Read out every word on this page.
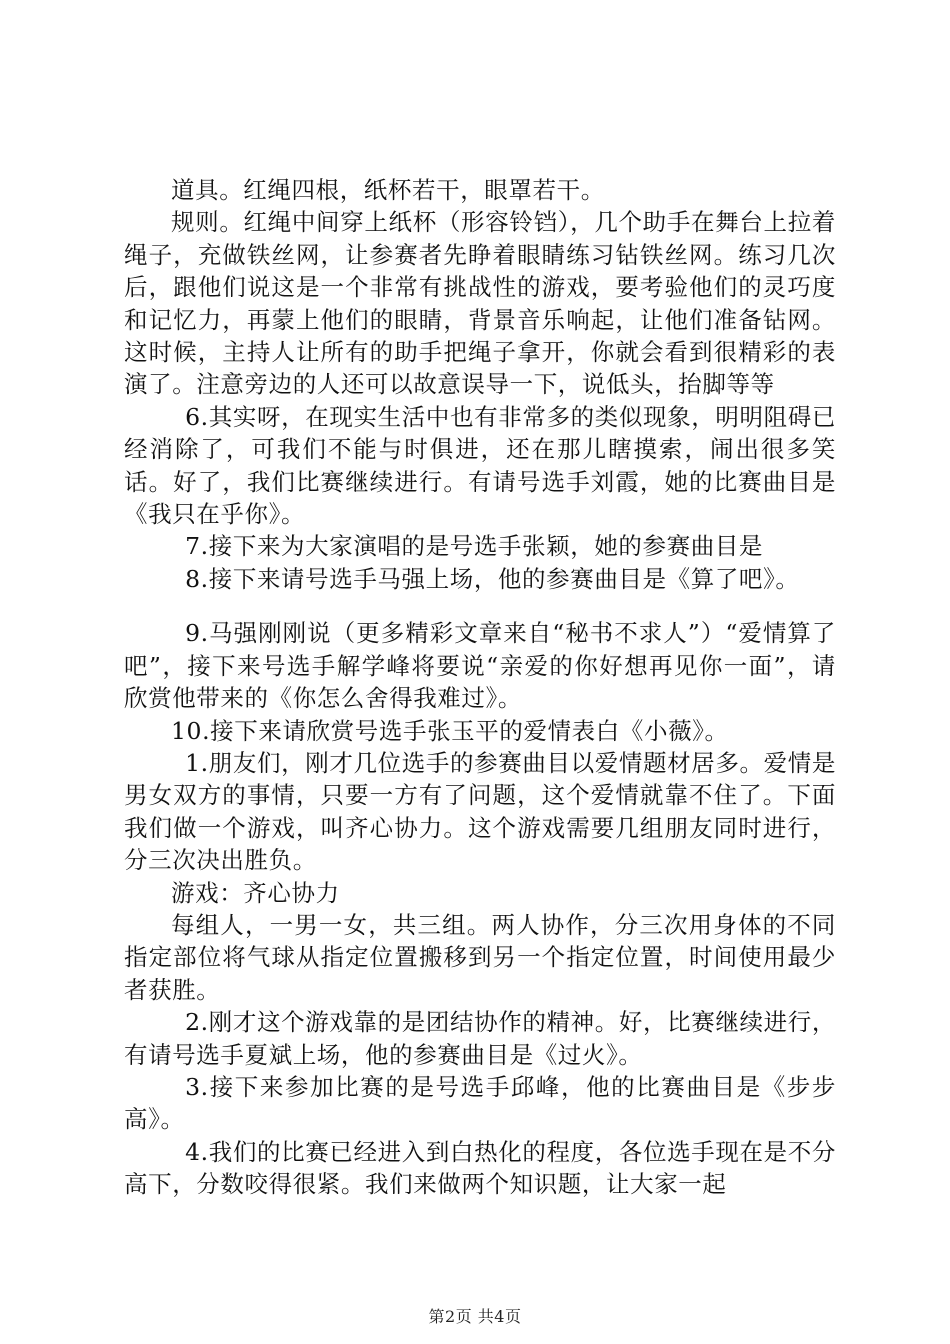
道具。红绳四根，纸杯若干，眼罩若干。

规则。红绳中间穿上纸杯（形容铃铛），几个助手在舞台上拉着绳子，充做铁丝网，让参赛者先睁着眼睛练习钻铁丝网。练习几次后，跟他们说这是一个非常有挑战性的游戏，要考验他们的灵巧度和记忆力，再蒙上他们的眼睛，背景音乐响起，让他们准备钻网。这时候，主持人让所有的助手把绳子拿开，你就会看到很精彩的表演了。注意旁边的人还可以故意误导一下，说低头，抬脚等等

6.其实呀，在现实生活中也有非常多的类似现象，明明阻碍已经消除了，可我们不能与时俱进，还在那儿瞎摸索，闹出很多笑话。好了，我们比赛继续进行。有请号选手刘霞，她的比赛曲目是《我只在乎你》。

7.接下来为大家演唱的是号选手张颖，她的参赛曲目是

8.接下来请号选手马强上场，他的参赛曲目是《算了吧》。

9.马强刚刚说（更多精彩文章来自“秘书不求人”）“爱情算了吧”，接下来号选手解学峰将要说“亲爱的你好想再见你一面”，请欣赏他带来的《你怎么舍得我难过》。

10.接下来请欣赏号选手张玉平的爱情表白《小薇》。

1.朋友们，刚才几位选手的参赛曲目以爱情题材居多。爱情是男女双方的事情，只要一方有了问题，这个爱情就靠不住了。下面我们做一个游戏，叫齐心协力。这个游戏需要几组朋友同时进行，分三次决出胜负。

游戏：齐心协力

每组人，一男一女，共三组。两人协作，分三次用身体的不同指定部位将气球从指定位置搬移到另一个指定位置，时间使用最少者获胜。

2.刚才这个游戏靠的是团结协作的精神。好，比赛继续进行，有请号选手夏斌上场，他的参赛曲目是《过火》。

3.接下来参加比赛的是号选手邱峰，他的比赛曲目是《步步高》。

4.我们的比赛已经进入到白热化的程度，各位选手现在是不分高下，分数咬得很紧。我们来做两个知识题，让大家一起

第2页 共4页
